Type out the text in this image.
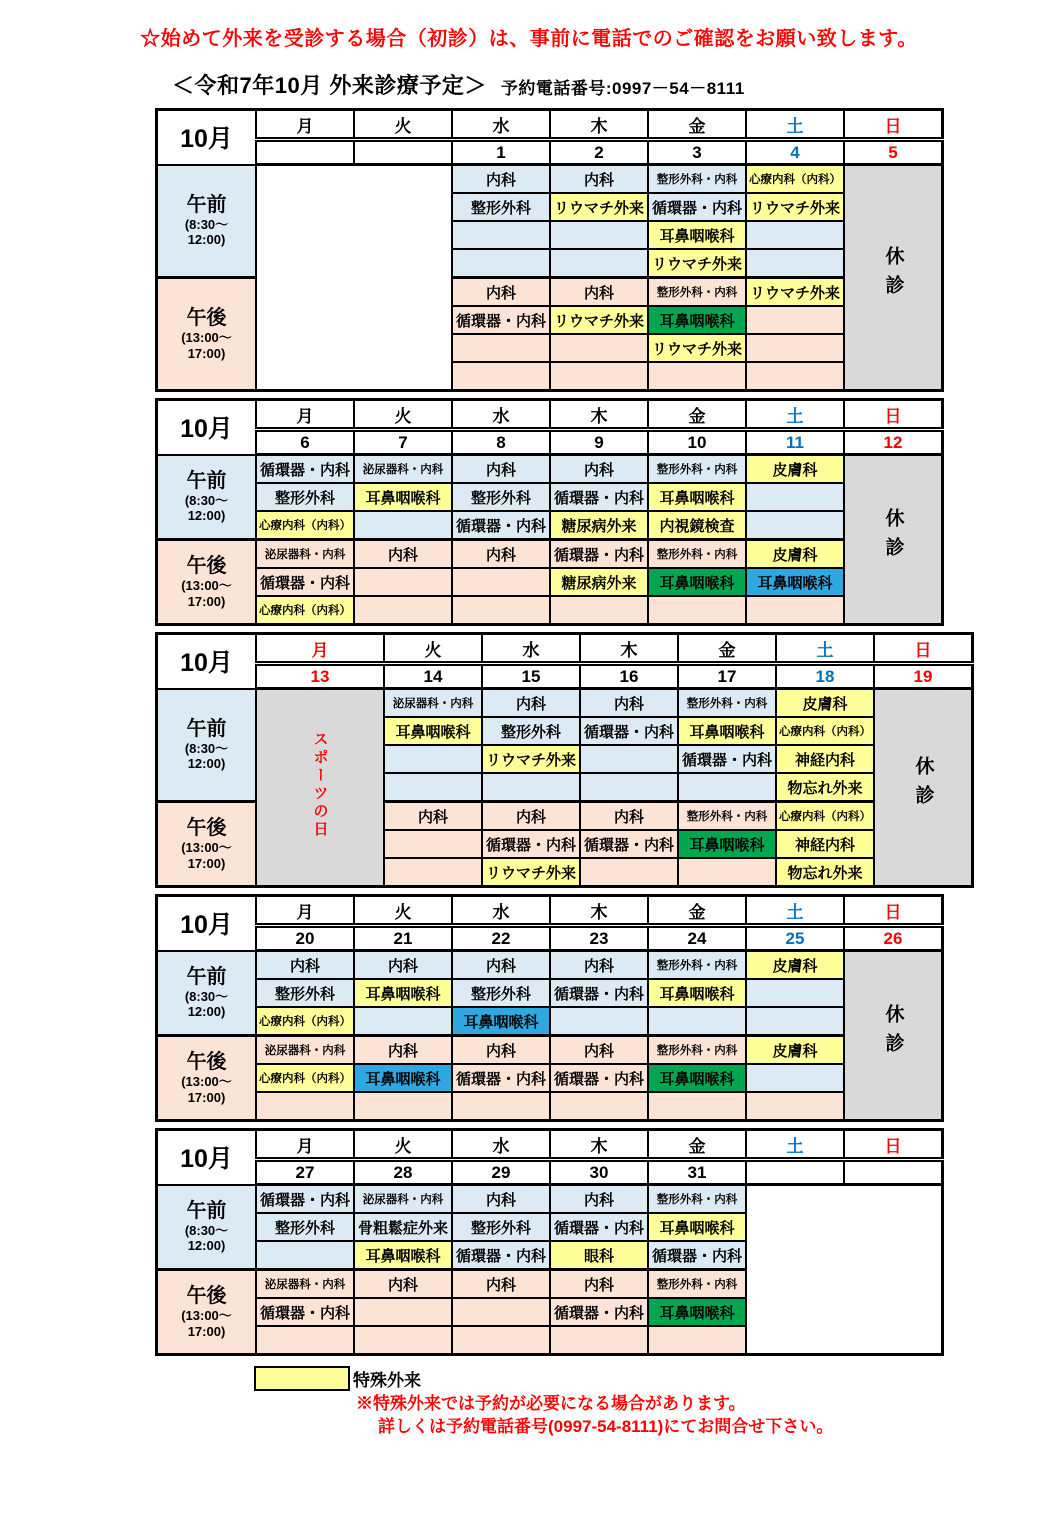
☆始めて外来を受診する場合（初診）は、事前に電話でのご確認をお願い致します。
＜令和7年10月 外来診療予定＞ 予約電話番号:0997－54－8111
10月	月	火	水	木	金	土	日
			1	2	3	4	5

午前
(8:30～
12:00)			内科	内科	整形外科・内科	心療内科（内科）	休診
			整形外科	リウマチ外来	循環器・内科	リウマチ外来	
					耳鼻咽喉科		
					リウマチ外来		

午後
(13:00～
17:00)			内科	内科	整形外科・内科	リウマチ外来	
			循環器・内科	リウマチ外来	耳鼻咽喉科		
					リウマチ外来		

10月	月	火	水	木	金	土	日
	6	7	8	9	10	11	12

午前
(8:30～
12:00)	循環器・内科	泌尿器科・内科	内科	内科	整形外科・内科	皮膚科	休診
	整形外科	耳鼻咽喉科	整形外科	循環器・内科	耳鼻咽喉科		
	心療内科（内科）		循環器・内科	糖尿病外来	内視鏡検査		

午後
(13:00～
17:00)	泌尿器科・内科	内科	内科	循環器・内科	整形外科・内科	皮膚科	
	循環器・内科			糖尿病外来	耳鼻咽喉科	耳鼻咽喉科	
	心療内科（内科）						
10月	月	火	水	木	金	土	日
	13	14	15	16	17	18	19

午前
(8:30～
12:00)	スポーツの日	泌尿器科・内科	内科	内科	整形外科・内科	皮膚科	休診
		耳鼻咽喉科	整形外科	循環器・内科	耳鼻咽喉科	心療内科（内科）	
			リウマチ外来		循環器・内科	神経内科	
						物忘れ外来	

午後
(13:00～
17:00)		内科	内科	内科	整形外科・内科	心療内科（内科）	
			循環器・内科	循環器・内科	耳鼻咽喉科	神経内科	
			リウマチ外来			物忘れ外来	
10月	月	火	水	木	金	土	日
	20	21	22	23	24	25	26

午前
(8:30～
12:00)	内科	内科	内科	内科	整形外科・内科	皮膚科	休診
	整形外科	耳鼻咽喉科	整形外科	循環器・内科	耳鼻咽喉科		
	心療内科（内科）		耳鼻咽喉科				

午後
(13:00～
17:00)	泌尿器科・内科	内科	内科	内科	整形外科・内科	皮膚科	
	心療内科（内科）	耳鼻咽喉科	循環器・内科	循環器・内科	耳鼻咽喉科		

10月	月	火	水	木	金	土	日
	27	28	29	30	31		

午前
(8:30～
12:00)	循環器・内科	泌尿器科・内科	内科	内科	整形外科・内科		
	整形外科	骨粗鬆症外来	整形外科	循環器・内科	耳鼻咽喉科		
		耳鼻咽喉科	循環器・内科	眼科	循環器・内科		

午後
(13:00～
17:00)	泌尿器科・内科	内科	内科	内科	整形外科・内科		
	循環器・内科			循環器・内科	耳鼻咽喉科		

特殊外来
※特殊外来では予約が必要になる場合があります。
詳しくは予約電話番号(0997-54-8111)にてお問合せ下さい。
